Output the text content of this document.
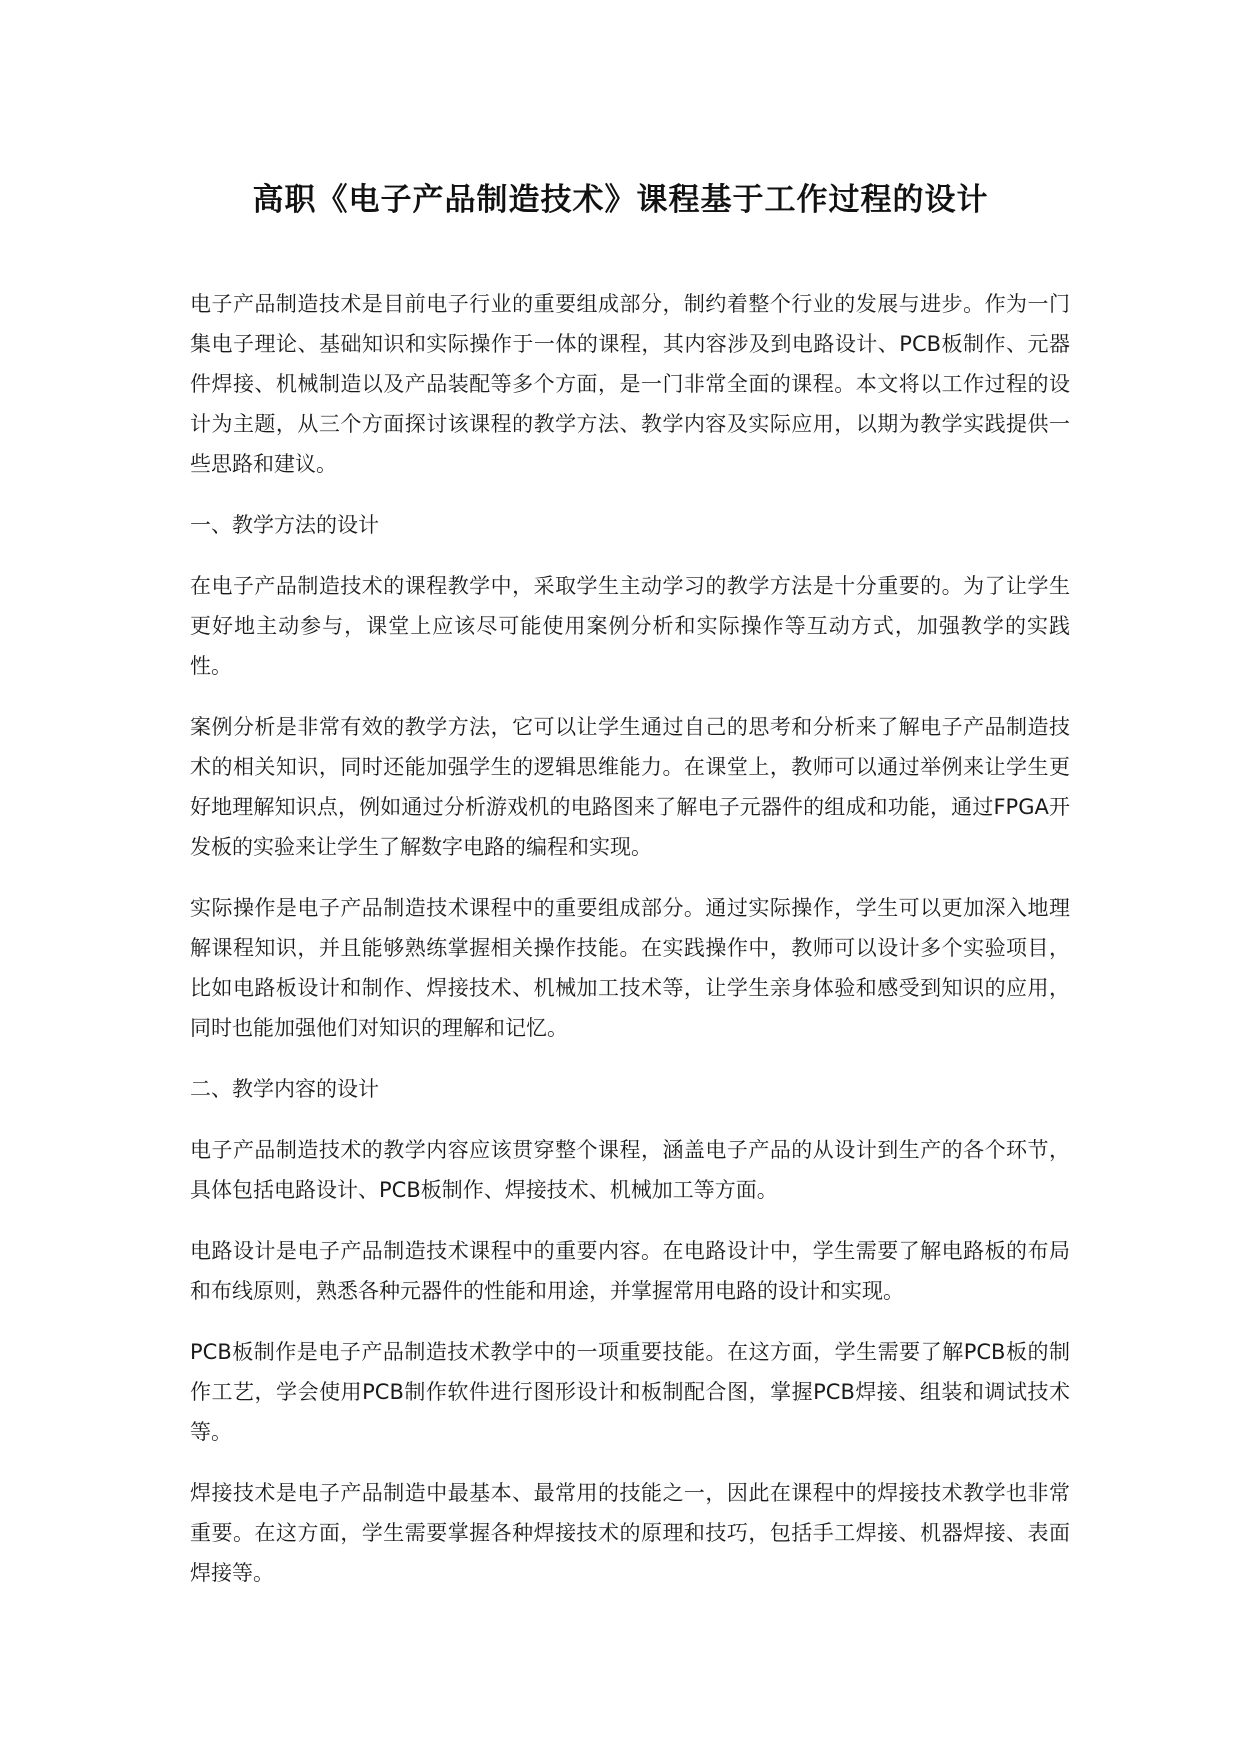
高职《电子产品制造技术》课程基于工作过程的设计

电子产品制造技术是目前电子行业的重要组成部分，制约着整个行业的发展与进步。作为一门集电子理论、基础知识和实际操作于一体的课程，其内容涉及到电路设计、PCB板制作、元器件焊接、机械制造以及产品装配等多个方面，是一门非常全面的课程。本文将以工作过程的设计为主题，从三个方面探讨该课程的教学方法、教学内容及实际应用，以期为教学实践提供一些思路和建议。

一、教学方法的设计

在电子产品制造技术的课程教学中，采取学生主动学习的教学方法是十分重要的。为了让学生更好地主动参与，课堂上应该尽可能使用案例分析和实际操作等互动方式，加强教学的实践性。

案例分析是非常有效的教学方法，它可以让学生通过自己的思考和分析来了解电子产品制造技术的相关知识，同时还能加强学生的逻辑思维能力。在课堂上，教师可以通过举例来让学生更好地理解知识点，例如通过分析游戏机的电路图来了解电子元器件的组成和功能，通过FPGA开发板的实验来让学生了解数字电路的编程和实现。

实际操作是电子产品制造技术课程中的重要组成部分。通过实际操作，学生可以更加深入地理解课程知识，并且能够熟练掌握相关操作技能。在实践操作中，教师可以设计多个实验项目，比如电路板设计和制作、焊接技术、机械加工技术等，让学生亲身体验和感受到知识的应用，同时也能加强他们对知识的理解和记忆。

二、教学内容的设计

电子产品制造技术的教学内容应该贯穿整个课程，涵盖电子产品的从设计到生产的各个环节，具体包括电路设计、PCB板制作、焊接技术、机械加工等方面。

电路设计是电子产品制造技术课程中的重要内容。在电路设计中，学生需要了解电路板的布局和布线原则，熟悉各种元器件的性能和用途，并掌握常用电路的设计和实现。

PCB板制作是电子产品制造技术教学中的一项重要技能。在这方面，学生需要了解PCB板的制作工艺，学会使用PCB制作软件进行图形设计和板制配合图，掌握PCB焊接、组装和调试技术等。

焊接技术是电子产品制造中最基本、最常用的技能之一，因此在课程中的焊接技术教学也非常重要。在这方面，学生需要掌握各种焊接技术的原理和技巧，包括手工焊接、机器焊接、表面焊接等。
